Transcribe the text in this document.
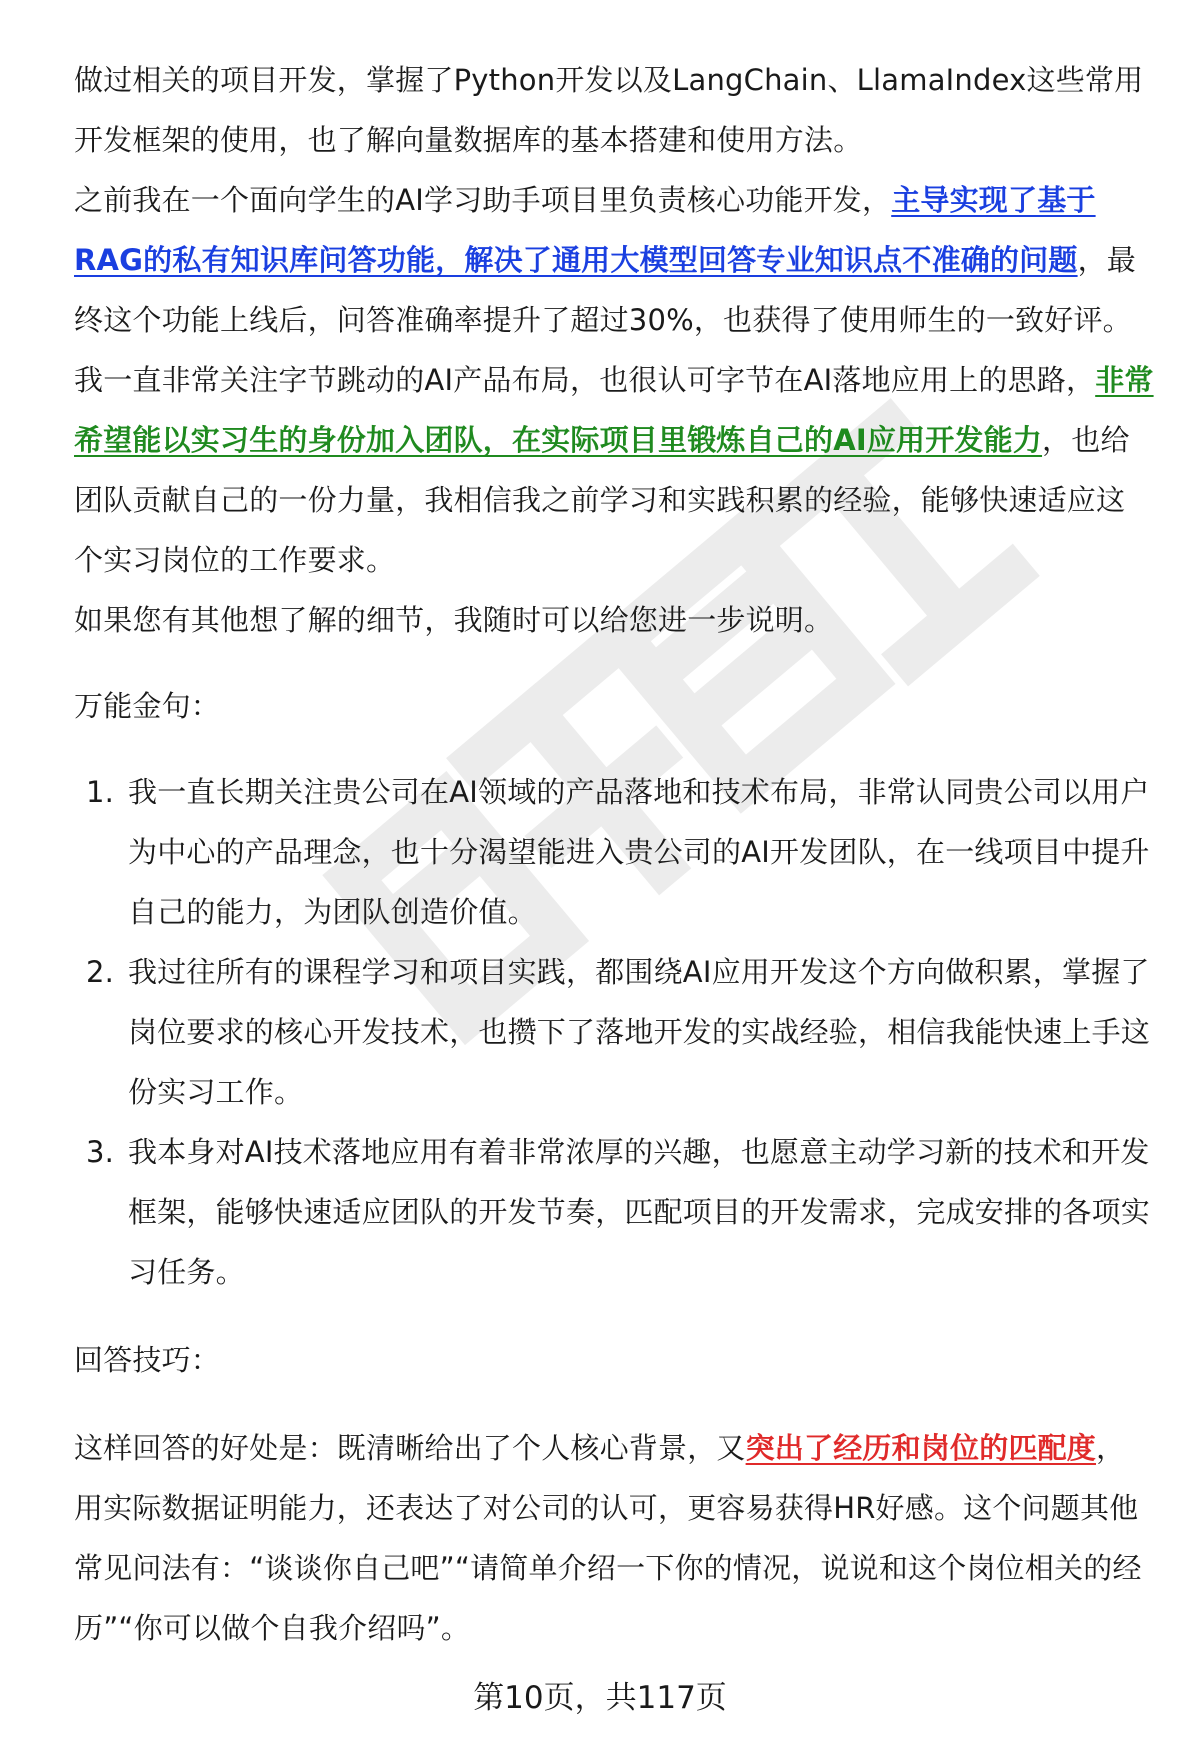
做过相关的项目开发，掌握了Python开发以及LangChain、LlamaIndex这些常用开发框架的使用，也了解向量数据库的基本搭建和使用方法。

之前我在一个面向学生的AI学习助手项目里负责核心功能开发，主导实现了基于RAG的私有知识库问答功能，解决了通用大模型回答专业知识点不准确的问题，最终这个功能上线后，问答准确率提升了超过30%，也获得了使用师生的一致好评。

我一直非常关注字节跳动的AI产品布局，也很认可字节在AI落地应用上的思路，非常希望能以实习生的身份加入团队，在实际项目里锻炼自己的AI应用开发能力，也给团队贡献自己的一份力量，我相信我之前学习和实践积累的经验，能够快速适应这个实习岗位的工作要求。

如果您有其他想了解的细节，我随时可以给您进一步说明。

万能金句：

1. 我一直长期关注贵公司在AI领域的产品落地和技术布局，非常认同贵公司以用户为中心的产品理念，也十分渴望能进入贵公司的AI开发团队，在一线项目中提升自己的能力，为团队创造价值。
2. 我过往所有的课程学习和项目实践，都围绕AI应用开发这个方向做积累，掌握了岗位要求的核心开发技术，也攒下了落地开发的实战经验，相信我能快速上手这份实习工作。
3. 我本身对AI技术落地应用有着非常浓厚的兴趣，也愿意主动学习新的技术和开发框架，能够快速适应团队的开发节奏，匹配项目的开发需求，完成安排的各项实习任务。

回答技巧：

这样回答的好处是：既清晰给出了个人核心背景，又突出了经历和岗位的匹配度，用实际数据证明能力，还表达了对公司的认可，更容易获得HR好感。这个问题其他常见问法有：“谈谈你自己吧”“请简单介绍一下你的情况，说说和这个岗位相关的经历”“你可以做个自我介绍吗”。

第10页，共117页
